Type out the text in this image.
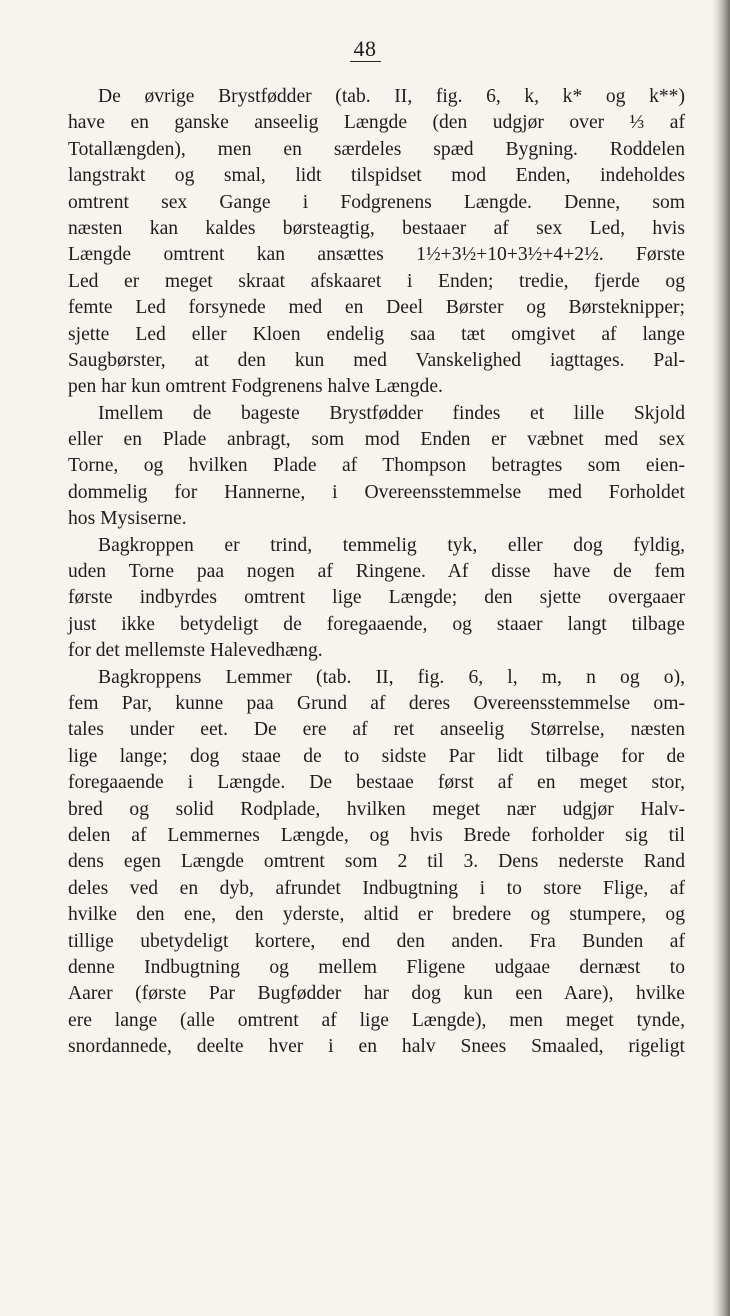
48
De øvrige Brystfødder (tab. II, fig. 6, k, k* og k**)
have en ganske anseelig Længde (den udgjør over ⅓ af
Totallængden), men en særdeles spæd Bygning. Roddelen
langstrakt og smal, lidt tilspidset mod Enden, indeholdes
omtrent sex Gange i Fodgrenens Længde. Denne, som
næsten kan kaldes børsteagtig, bestaaer af sex Led, hvis
Længde omtrent kan ansættes 1½+3½+10+3½+4+2½. Første
Led er meget skraat afskaaret i Enden; tredie, fjerde og
femte Led forsynede med en Deel Børster og Børsteknipper;
sjette Led eller Kloen endelig saa tæt omgivet af lange
Saugbørster, at den kun med Vanskelighed iagttages. Pal-
pen har kun omtrent Fodgrenens halve Længde.
Imellem de bageste Brystfødder findes et lille Skjold
eller en Plade anbragt, som mod Enden er væbnet med sex
Torne, og hvilken Plade af Thompson betragtes som eien-
dommelig for Hannerne, i Overeensstemmelse med Forholdet
hos Mysiserne.
Bagkroppen er trind, temmelig tyk, eller dog fyldig,
uden Torne paa nogen af Ringene. Af disse have de fem
første indbyrdes omtrent lige Længde; den sjette overgaaer
just ikke betydeligt de foregaaende, og staaer langt tilbage
for det mellemste Halevedhæng.
Bagkroppens Lemmer (tab. II, fig. 6, l, m, n og o),
fem Par, kunne paa Grund af deres Overeensstemmelse om-
tales under eet. De ere af ret anseelig Størrelse, næsten
lige lange; dog staae de to sidste Par lidt tilbage for de
foregaaende i Længde. De bestaae først af en meget stor,
bred og solid Rodplade, hvilken meget nær udgjør Halv-
delen af Lemmernes Længde, og hvis Brede forholder sig til
dens egen Længde omtrent som 2 til 3. Dens nederste Rand
deles ved en dyb, afrundet Indbugtning i to store Flige, af
hvilke den ene, den yderste, altid er bredere og stumpere, og
tillige ubetydeligt kortere, end den anden. Fra Bunden af
denne Indbugtning og mellem Fligene udgaae dernæst to
Aarer (første Par Bugfødder har dog kun een Aare), hvilke
ere lange (alle omtrent af lige Længde), men meget tynde,
snordannede, deelte hver i en halv Snees Smaaled, rigeligt
